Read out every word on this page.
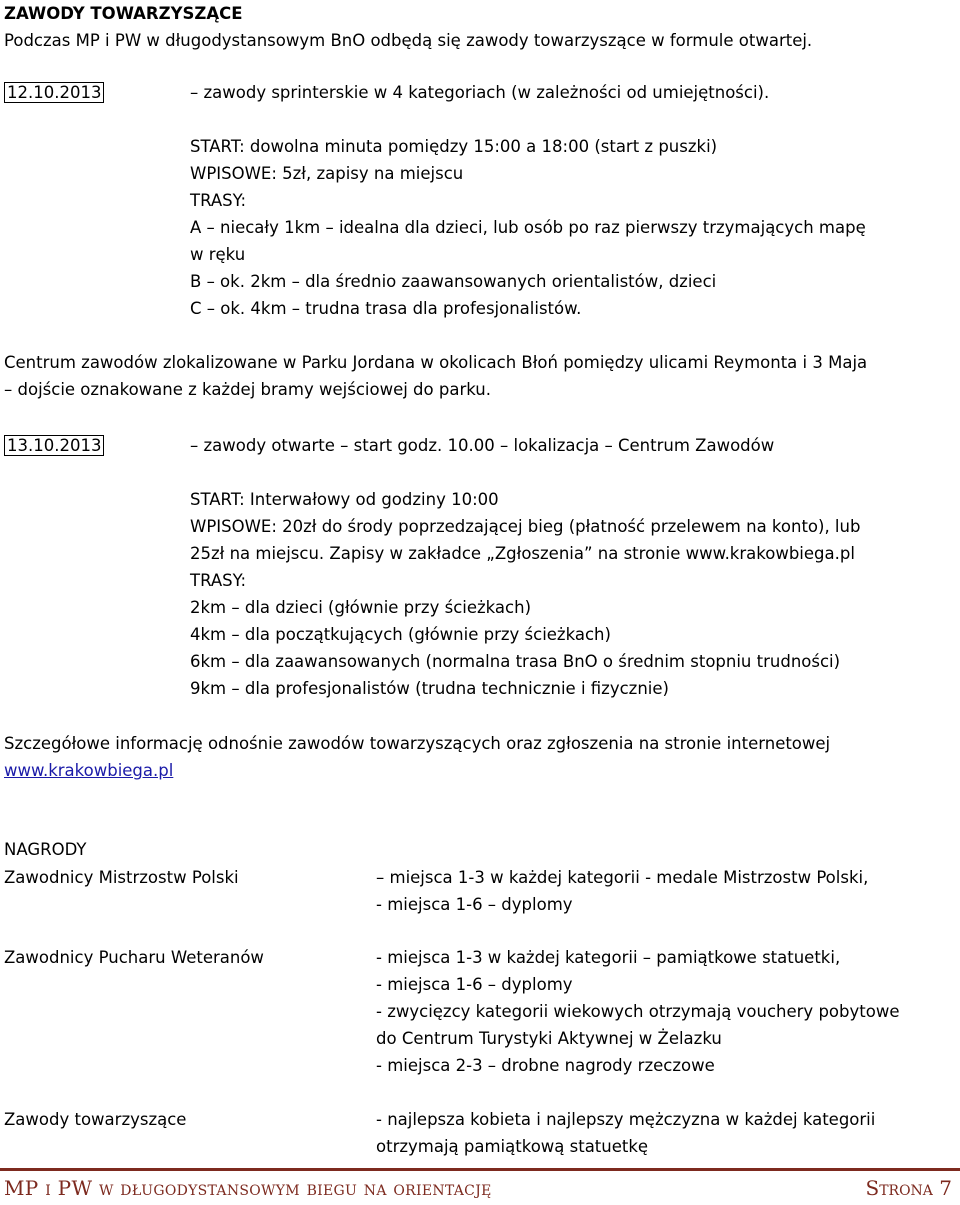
ZAWODY TOWARZYSZĄCE
Podczas MP i PW w długodystansowym BnO odbędą się zawody towarzyszące w formule otwartej.
12.10.2013	– zawody sprinterskie w 4 kategoriach (w zależności od umiejętności).
START: dowolna minuta pomiędzy 15:00 a 18:00 (start z puszki)
WPISOWE: 5zł, zapisy na miejscu
TRASY:
A – niecały 1km – idealna dla dzieci, lub osób po raz pierwszy trzymających mapę
w ręku
B – ok. 2km – dla średnio zaawansowanych orientalistów, dzieci
C – ok. 4km – trudna trasa dla profesjonalistów.
Centrum zawodów zlokalizowane w Parku Jordana w okolicach Błoń pomiędzy ulicami Reymonta i 3 Maja
– dojście oznakowane z każdej bramy wejściowej do parku.
13.10.2013	– zawody otwarte – start godz. 10.00 – lokalizacja – Centrum Zawodów
START: Interwałowy od godziny 10:00
WPISOWE: 20zł do środy poprzedzającej bieg (płatność przelewem na konto), lub
25zł na miejscu. Zapisy w zakładce „Zgłoszenia” na stronie www.krakowbiega.pl
TRASY:
2km – dla dzieci (głównie przy ścieżkach)
4km – dla początkujących (głównie przy ścieżkach)
6km – dla zaawansowanych (normalna trasa BnO o średnim stopniu trudności)
9km – dla profesjonalistów (trudna technicznie i fizycznie)
Szczegółowe informację odnośnie zawodów towarzyszących oraz zgłoszenia na stronie internetowej
www.krakowbiega.pl
NAGRODY
Zawodnicy Mistrzostw Polski	– miejsca 1-3 w każdej kategorii - medale Mistrzostw Polski,
- miejsca 1-6 – dyplomy
Zawodnicy Pucharu Weteranów	- miejsca 1-3 w każdej kategorii – pamiątkowe statuetki,
- miejsca 1-6 – dyplomy
- zwycięzcy kategorii wiekowych otrzymają vouchery pobytowe
do Centrum Turystyki Aktywnej w Żelazku
- miejsca 2-3 – drobne nagrody rzeczowe
Zawody towarzyszące	- najlepsza kobieta i najlepszy mężczyzna w każdej kategorii
otrzymają pamiątkową statuetkę
MP i PW w długodystansowym biegu na orientację	Strona 7
